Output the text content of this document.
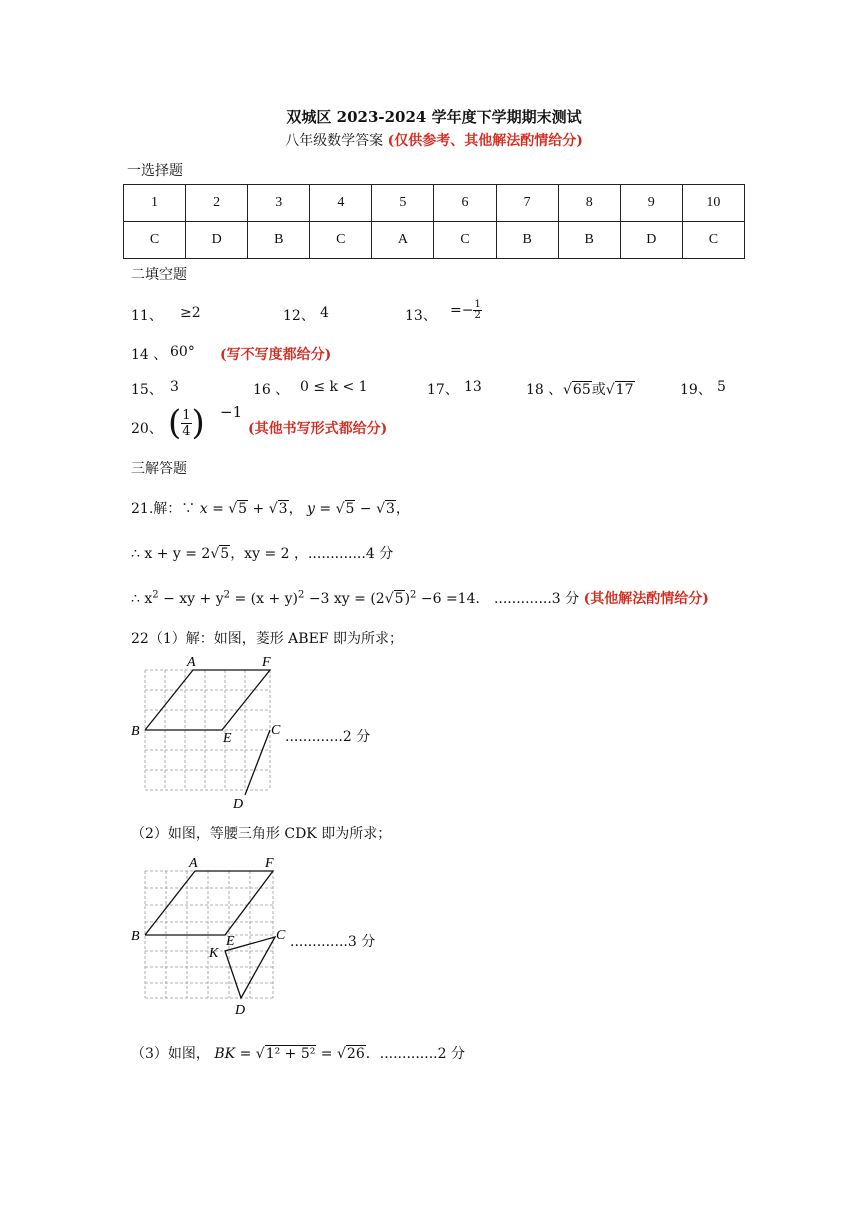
双城区 2023-2024 学年度下学期期末测试
八年级数学答案 (仅供参考、其他解法酌情给分)
一选择题
1	2	3	4	5	6	7	8	9	10
C	D	B	C	A	C	B	B	D	C
二填空题
11、 ≥2	12、 4	13、 =− $\frac{1}{2}$
14 、 60° (写不写度都给分)
15、 3	16 、 0 ≤ k < 1	17、 13	18 、 √65或√17	19、 5
20、 ( $\frac{1}{4}$ ) −1
(其他书写形式都给分)
三解答题
21.解：∵ x = √5 + √3， y = √5 − √3，
∴ x + y = 2√5，xy = 2 ，.............4 分
∴ $x^2$ − xy + $y^2 = (x + y)^2 -3$ xy = $(2√5)^2 -6 =14$． .............3 分 (其他解法酌情给分)
22（1）解：如图，菱形 ABEF 即为所求；
A	F
B	E
C
D
.............2 分
（2）如图，等腰三角形 CDK 即为所求；
A	F
B	E
K
C
D
.............3 分
（3）如图， BK = √1² + 5² = √26．.............2 分
